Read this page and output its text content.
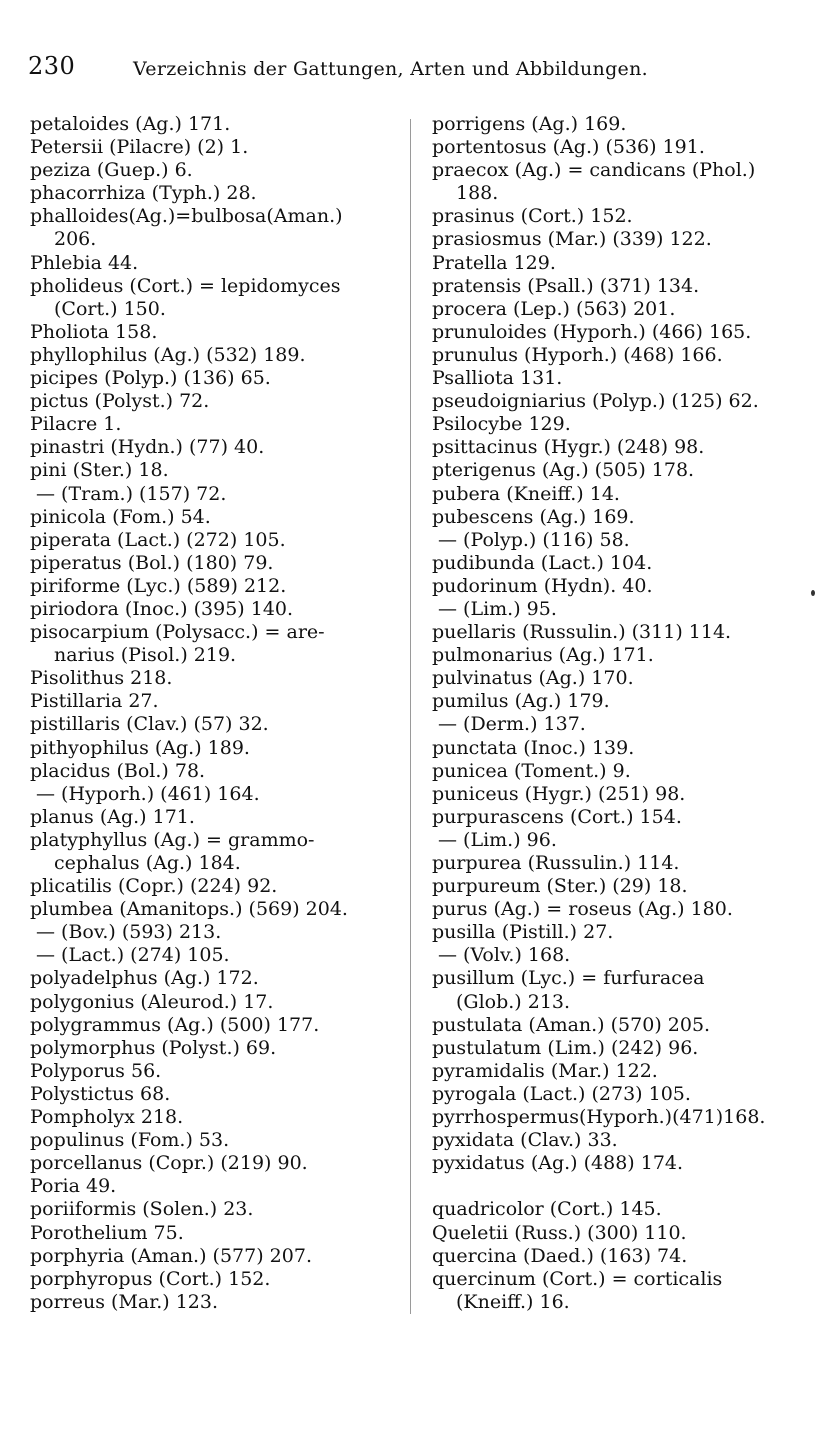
230	Verzeichnis der Gattungen, Arten und Abbildungen.
petaloides (Ag.) 171.
Petersii (Pilacre) (2) 1.
peziza (Guep.) 6.
phacorrhiza (Typh.) 28.
phalloides(Ag.)=bulbosa(Aman.)
206.
Phlebia 44.
pholideus (Cort.) = lepidomyces
(Cort.) 150.
Pholiota 158.
phyllophilus (Ag.) (532) 189.
picipes (Polyp.) (136) 65.
pictus (Polyst.) 72.
Pilacre 1.
pinastri (Hydn.) (77) 40.
pini (Ster.) 18.
— (Tram.) (157) 72.
pinicola (Fom.) 54.
piperata (Lact.) (272) 105.
piperatus (Bol.) (180) 79.
piriforme (Lyc.) (589) 212.
piriodora (Inoc.) (395) 140.
pisocarpium (Polysacc.) = are-
narius (Pisol.) 219.
Pisolithus 218.
Pistillaria 27.
pistillaris (Clav.) (57) 32.
pithyophilus (Ag.) 189.
placidus (Bol.) 78.
— (Hyporh.) (461) 164.
planus (Ag.) 171.
platyphyllus (Ag.) = grammo-
cephalus (Ag.) 184.
plicatilis (Copr.) (224) 92.
plumbea (Amanitops.) (569) 204.
— (Bov.) (593) 213.
— (Lact.) (274) 105.
polyadelphus (Ag.) 172.
polygonius (Aleurod.) 17.
polygrammus (Ag.) (500) 177.
polymorphus (Polyst.) 69.
Polyporus 56.
Polystictus 68.
Pompholyx 218.
populinus (Fom.) 53.
porcellanus (Copr.) (219) 90.
Poria 49.
poriiformis (Solen.) 23.
Porothelium 75.
porphyria (Aman.) (577) 207.
porphyropus (Cort.) 152.
porreus (Mar.) 123.
porrigens (Ag.) 169.
portentosus (Ag.) (536) 191.
praecox (Ag.) = candicans (Phol.)
188.
prasinus (Cort.) 152.
prasiosmus (Mar.) (339) 122.
Pratella 129.
pratensis (Psall.) (371) 134.
procera (Lep.) (563) 201.
prunuloides (Hyporh.) (466) 165.
prunulus (Hyporh.) (468) 166.
Psalliota 131.
pseudoigniarius (Polyp.) (125) 62.
Psilocybe 129.
psittacinus (Hygr.) (248) 98.
pterigenus (Ag.) (505) 178.
pubera (Kneiff.) 14.
pubescens (Ag.) 169.
— (Polyp.) (116) 58.
pudibunda (Lact.) 104.
pudorinum (Hydn). 40.
— (Lim.) 95.
puellaris (Russulin.) (311) 114.
pulmonarius (Ag.) 171.
pulvinatus (Ag.) 170.
pumilus (Ag.) 179.
— (Derm.) 137.
punctata (Inoc.) 139.
punicea (Toment.) 9.
puniceus (Hygr.) (251) 98.
purpurascens (Cort.) 154.
— (Lim.) 96.
purpurea (Russulin.) 114.
purpureum (Ster.) (29) 18.
purus (Ag.) = roseus (Ag.) 180.
pusilla (Pistill.) 27.
— (Volv.) 168.
pusillum (Lyc.) = furfuracea
(Glob.) 213.
pustulata (Aman.) (570) 205.
pustulatum (Lim.) (242) 96.
pyramidalis (Mar.) 122.
pyrogala (Lact.) (273) 105.
pyrrhospermus(Hyporh.)(471)168.
pyxidata (Clav.) 33.
pyxidatus (Ag.) (488) 174.
quadricolor (Cort.) 145.
Queletii (Russ.) (300) 110.
quercina (Daed.) (163) 74.
quercinum (Cort.) = corticalis
(Kneiff.) 16.
